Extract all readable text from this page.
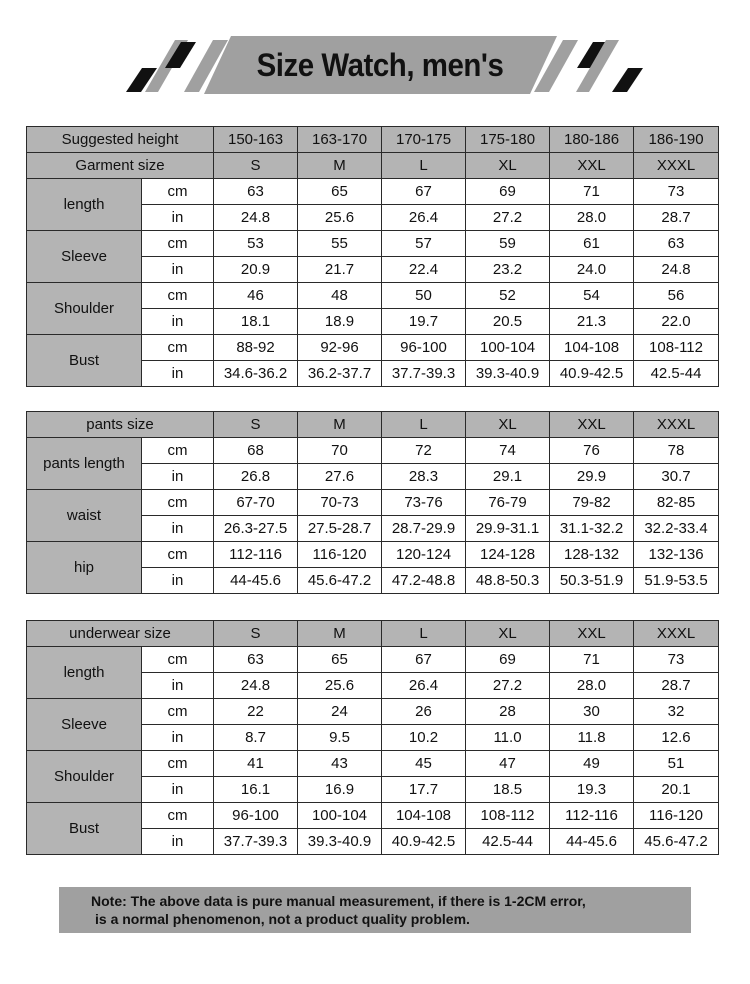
Size Watch, men's
Suggested height		150-163	163-170	170-175	175-180	180-186	186-190
Garment size		S	M	L	XL	XXL	XXXL
length	cm	63	65	67	69	71	73
	in	24.8	25.6	26.4	27.2	28.0	28.7
Sleeve	cm	53	55	57	59	61	63
	in	20.9	21.7	22.4	23.2	24.0	24.8
Shoulder	cm	46	48	50	52	54	56
	in	18.1	18.9	19.7	20.5	21.3	22.0
Bust	cm	88-92	92-96	96-100	100-104	104-108	108-112
	in	34.6-36.2	36.2-37.7	37.7-39.3	39.3-40.9	40.9-42.5	42.5-44
pants size		S	M	L	XL	XXL	XXXL
pants length	cm	68	70	72	74	76	78
	in	26.8	27.6	28.3	29.1	29.9	30.7
waist	cm	67-70	70-73	73-76	76-79	79-82	82-85
	in	26.3-27.5	27.5-28.7	28.7-29.9	29.9-31.1	31.1-32.2	32.2-33.4
hip	cm	112-116	116-120	120-124	124-128	128-132	132-136
	in	44-45.6	45.6-47.2	47.2-48.8	48.8-50.3	50.3-51.9	51.9-53.5
underwear size		S	M	L	XL	XXL	XXXL
length	cm	63	65	67	69	71	73
	in	24.8	25.6	26.4	27.2	28.0	28.7
Sleeve	cm	22	24	26	28	30	32
	in	8.7	9.5	10.2	11.0	11.8	12.6
Shoulder	cm	41	43	45	47	49	51
	in	16.1	16.9	17.7	18.5	19.3	20.1
Bust	cm	96-100	100-104	104-108	108-112	112-116	116-120
	in	37.7-39.3	39.3-40.9	40.9-42.5	42.5-44	44-45.6	45.6-47.2
Note: The above data is pure manual measurement, if there is 1-2CM error,
is a normal phenomenon, not a product quality problem.
